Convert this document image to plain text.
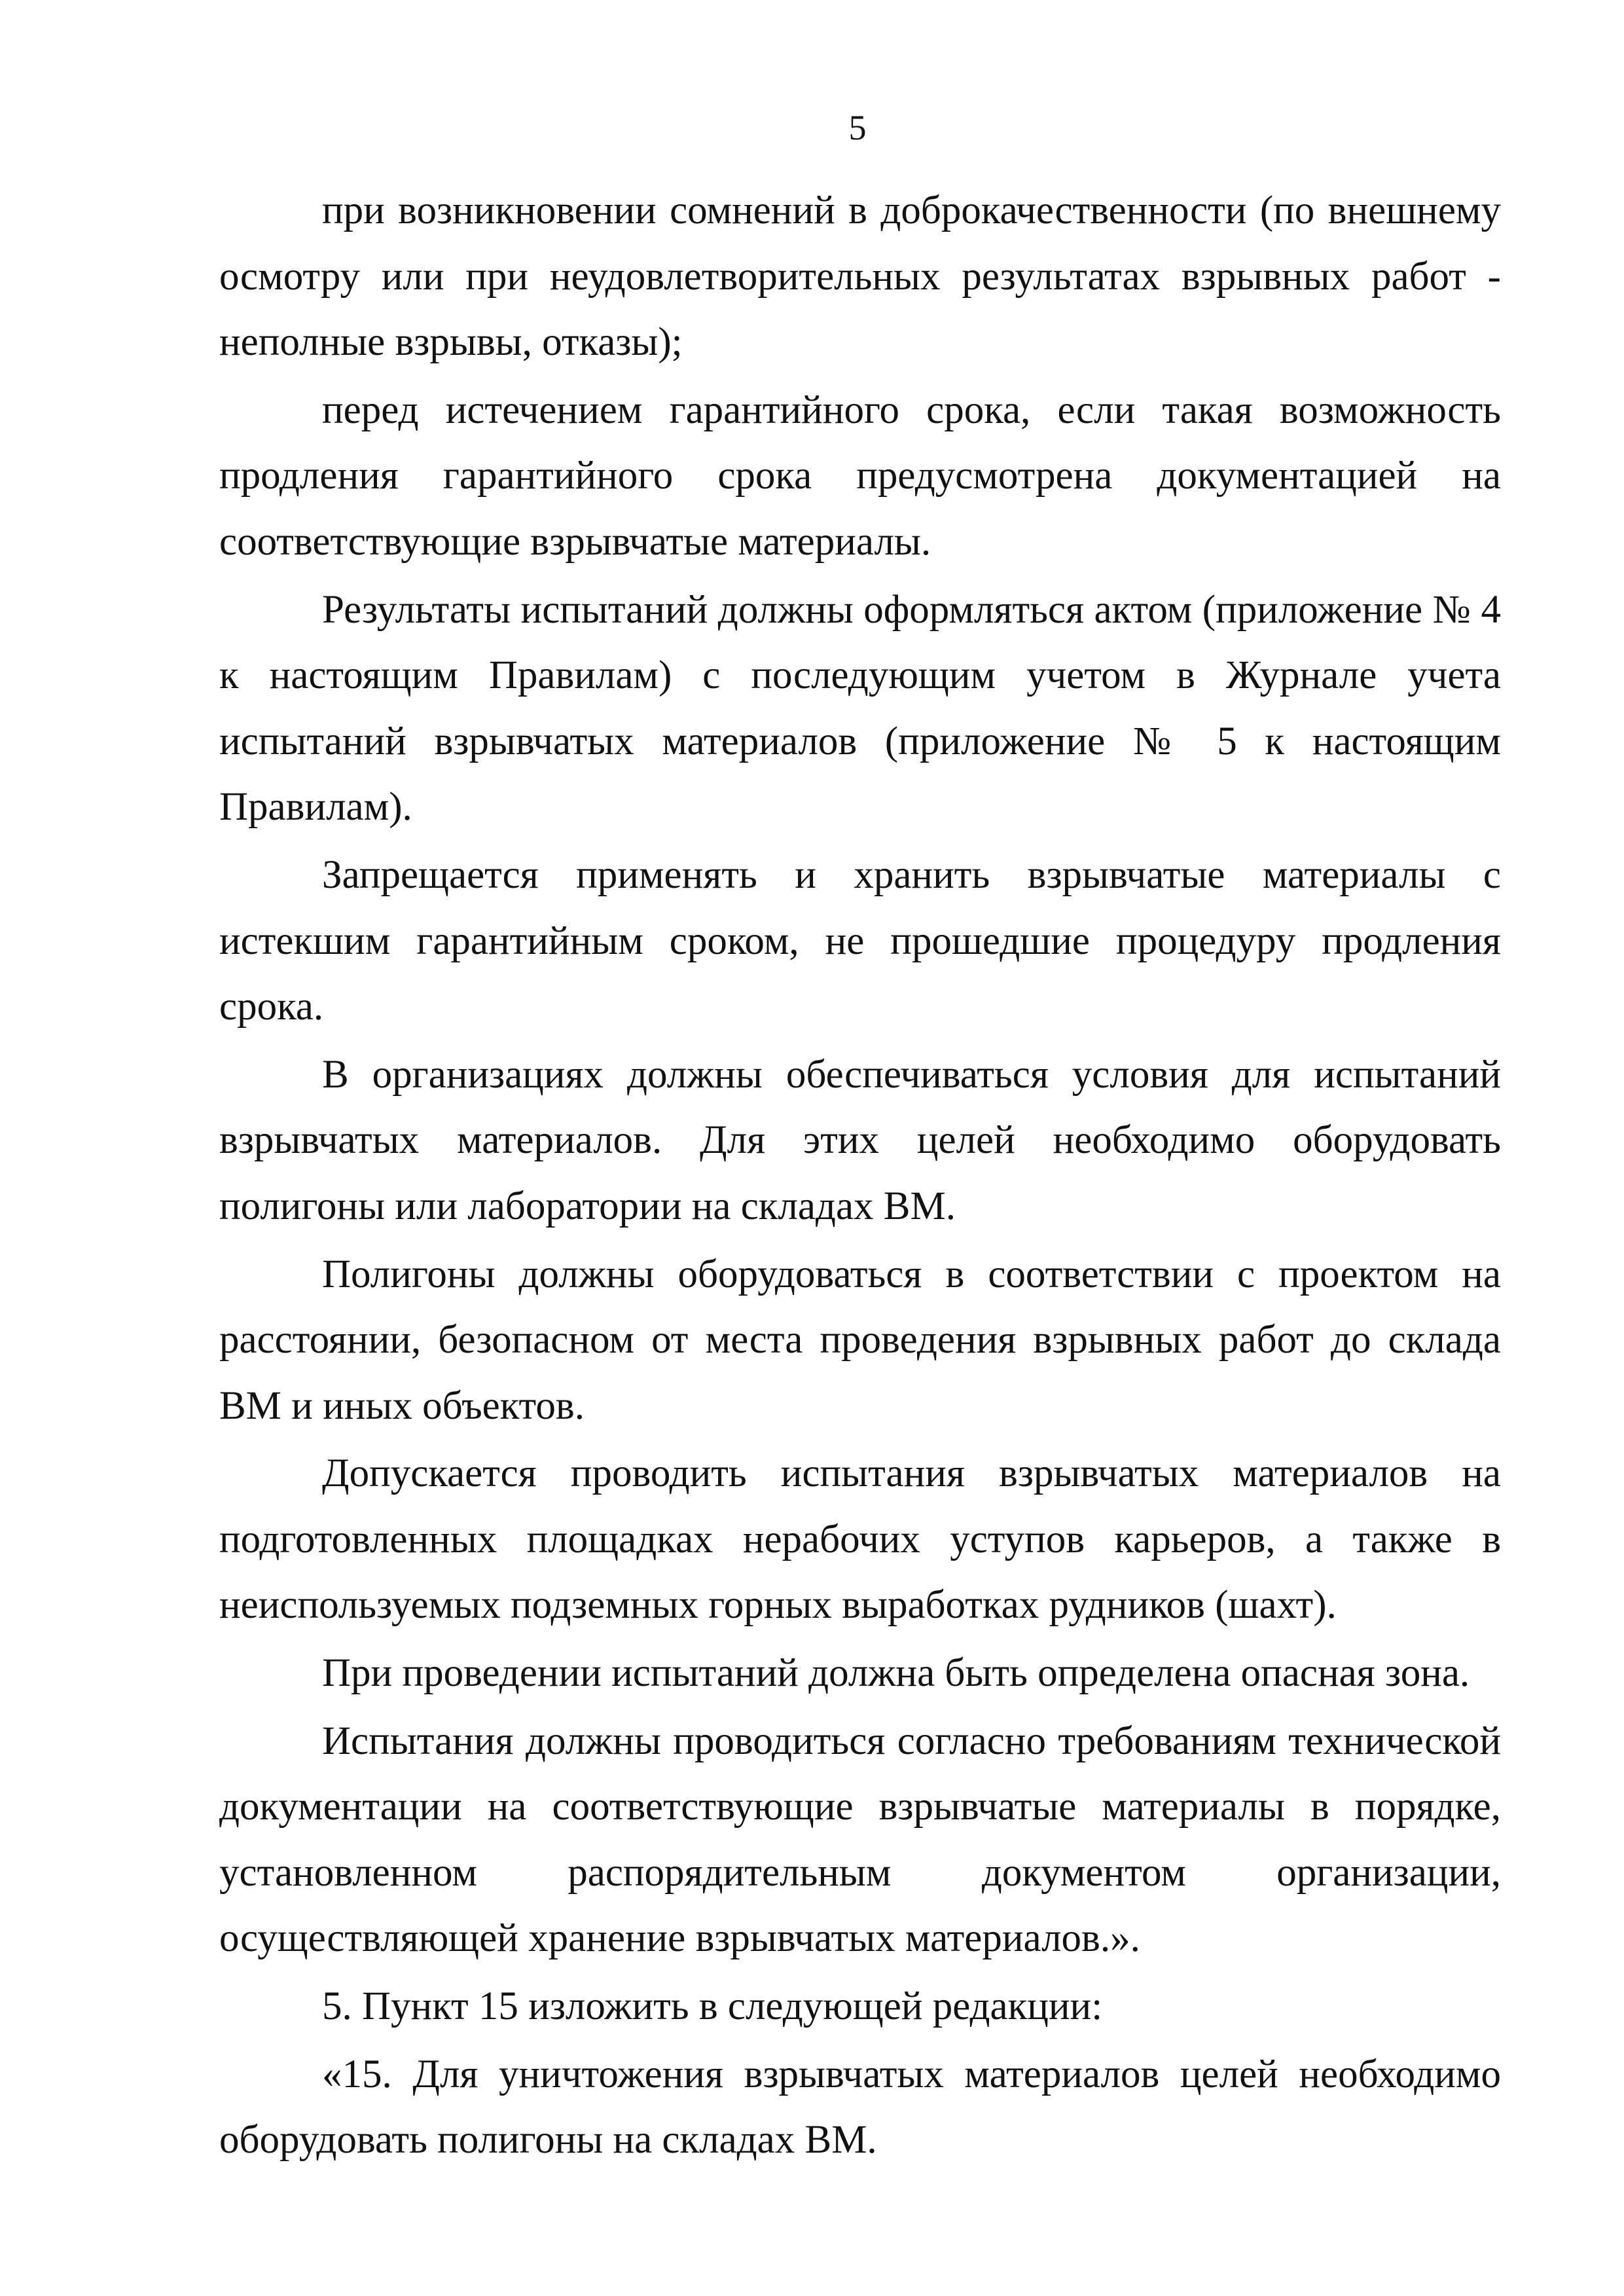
5

при возникновении сомнений в доброкачественности (по внешнему осмотру или при неудовлетворительных результатах взрывных работ - неполные взрывы, отказы);

перед истечением гарантийного срока, если такая возможность продления гарантийного срока предусмотрена документацией на соответствующие взрывчатые материалы.

Результаты испытаний должны оформляться актом (приложение № 4 к настоящим Правилам) с последующим учетом в Журнале учета испытаний взрывчатых материалов (приложение № 5 к настоящим Правилам).

Запрещается применять и хранить взрывчатые материалы с истекшим гарантийным сроком, не прошедшие процедуру продления срока.

В организациях должны обеспечиваться условия для испытаний взрывчатых материалов. Для этих целей необходимо оборудовать полигоны или лаборатории на складах ВМ.

Полигоны должны оборудоваться в соответствии с проектом на расстоянии, безопасном от места проведения взрывных работ до склада ВМ и иных объектов.

Допускается проводить испытания взрывчатых материалов на подготовленных площадках нерабочих уступов карьеров, а также в неиспользуемых подземных горных выработках рудников (шахт).

При проведении испытаний должна быть определена опасная зона.

Испытания должны проводиться согласно требованиям технической документации на соответствующие взрывчатые материалы в порядке, установленном распорядительным документом организации, осуществляющей хранение взрывчатых материалов.».

5. Пункт 15 изложить в следующей редакции:

«15. Для уничтожения взрывчатых материалов целей необходимо оборудовать полигоны на складах ВМ.
